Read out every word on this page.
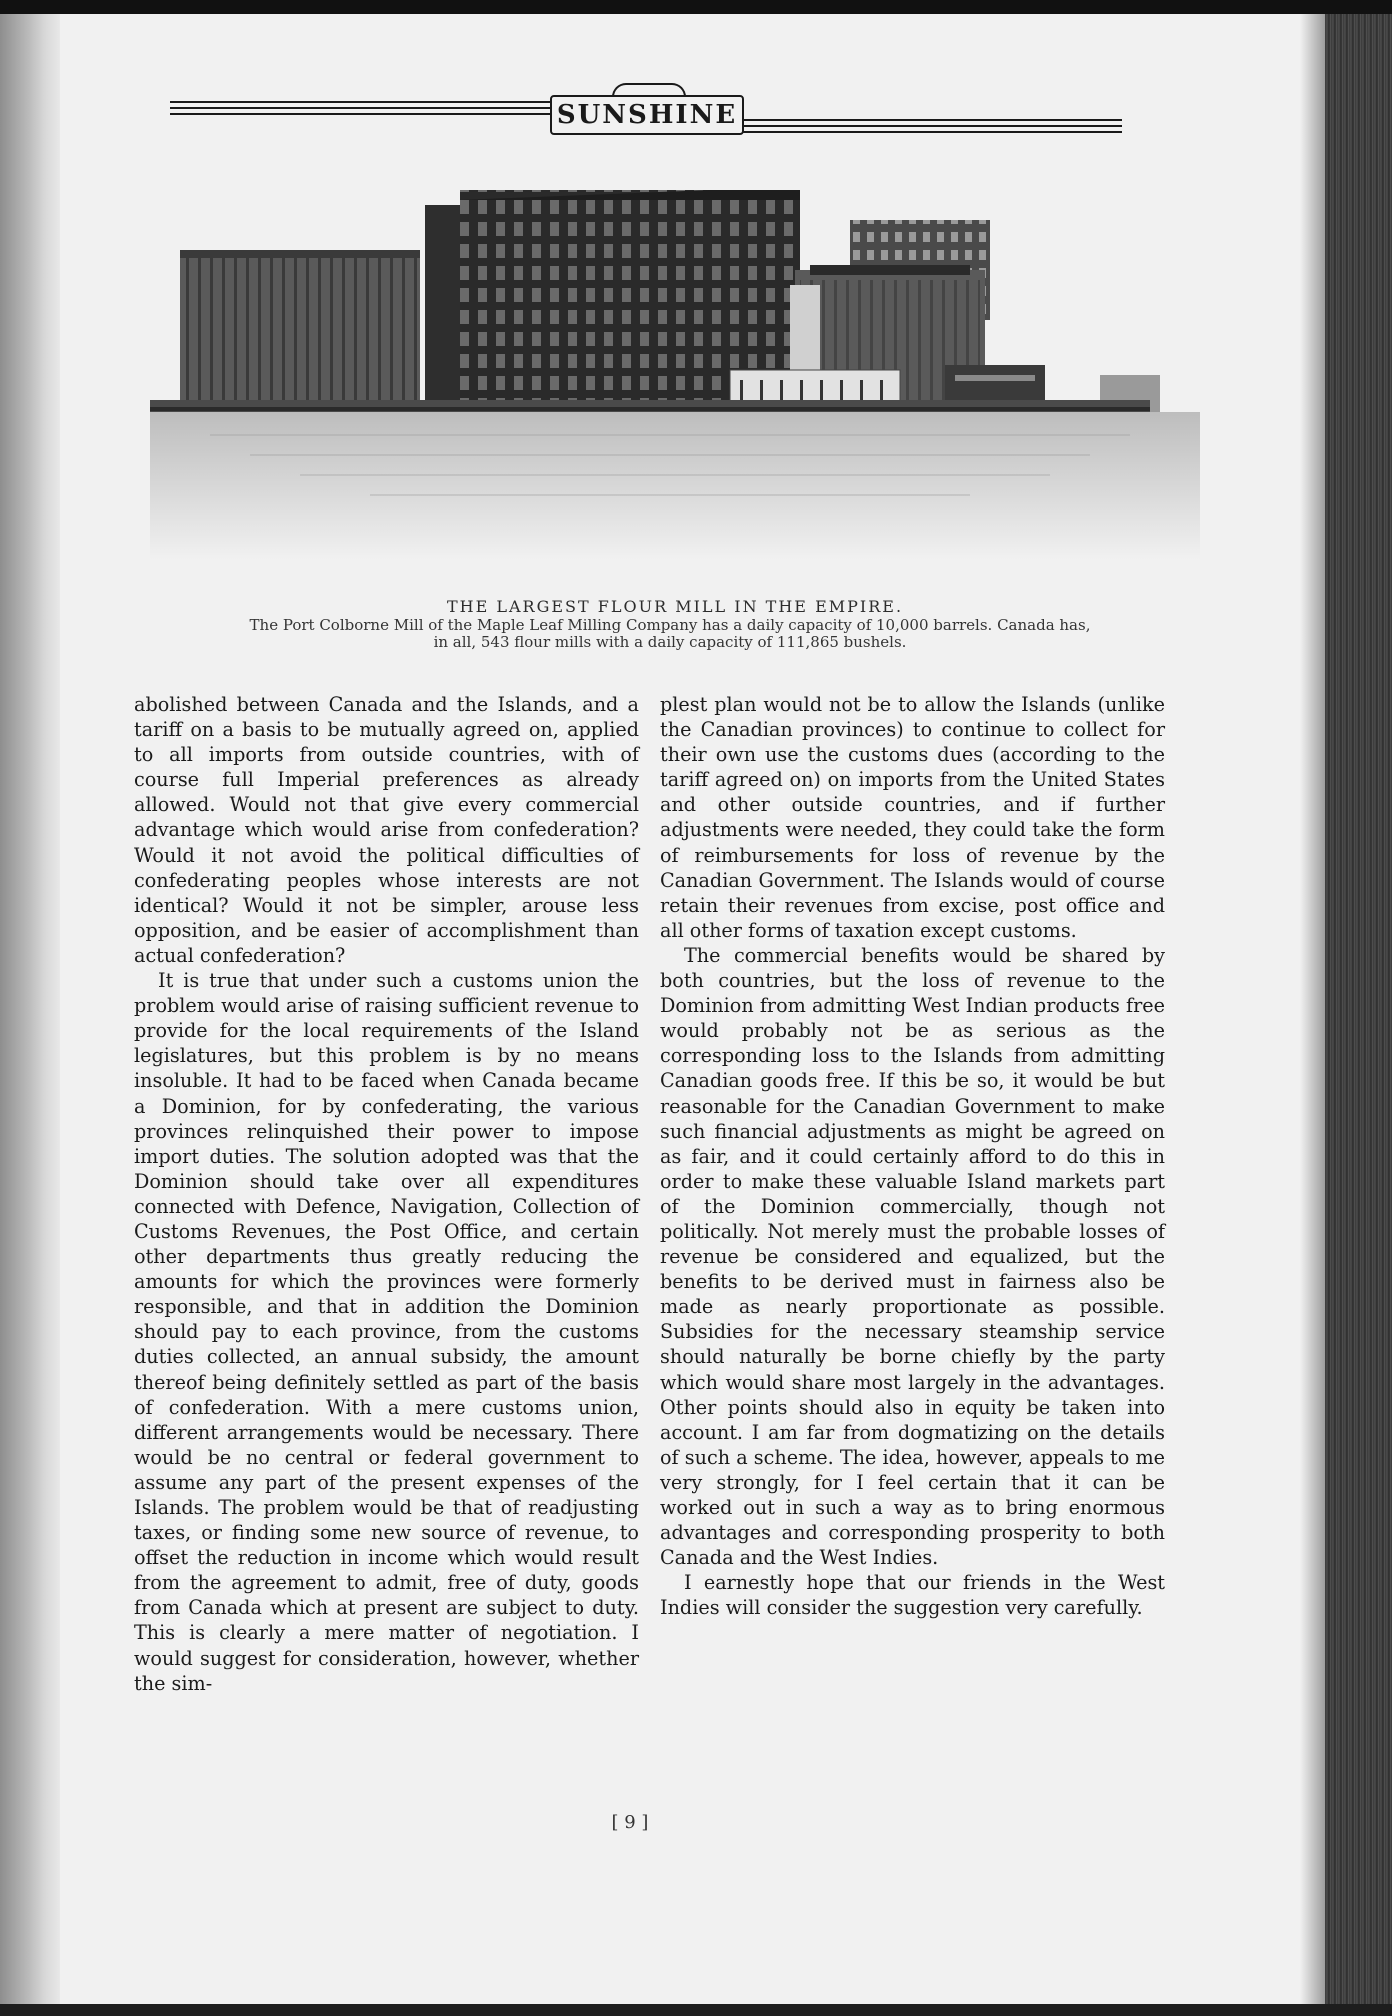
SUNSHINE
THE LARGEST FLOUR MILL IN THE EMPIRE.
The Port Colborne Mill of the Maple Leaf Milling Company has a daily capacity of 10,000 barrels. Canada has,
in all, 543 flour mills with a daily capacity of 111,865 bushels.

abolished between Canada and the Islands, and a tariff on a basis to be mutually agreed on, applied to all imports from outside countries, with of course full Imperial preferences as already allowed. Would not that give every commercial advantage which would arise from confederation? Would it not avoid the political difficulties of confederating peoples whose interests are not identical? Would it not be simpler, arouse less opposition, and be easier of accomplishment than actual confederation?

It is true that under such a customs union the problem would arise of raising sufficient revenue to provide for the local requirements of the Island legislatures, but this problem is by no means insoluble. It had to be faced when Canada became a Dominion, for by confederating, the various provinces relinquished their power to impose import duties. The solution adopted was that the Dominion should take over all expenditures connected with Defence, Navigation, Collection of Customs Revenues, the Post Office, and certain other departments thus greatly reducing the amounts for which the provinces were formerly responsible, and that in addition the Dominion should pay to each province, from the customs duties collected, an annual subsidy, the amount thereof being definitely settled as part of the basis of confederation. With a mere customs union, different arrangements would be necessary. There would be no central or federal government to assume any part of the present expenses of the Islands. The problem would be that of readjusting taxes, or finding some new source of revenue, to offset the reduction in income which would result from the agreement to admit, free of duty, goods from Canada which at present are subject to duty. This is clearly a mere matter of negotiation. I would suggest for consideration, however, whether the sim-

plest plan would not be to allow the Islands (unlike the Canadian provinces) to continue to collect for their own use the customs dues (according to the tariff agreed on) on imports from the United States and other outside countries, and if further adjustments were needed, they could take the form of reimbursements for loss of revenue by the Canadian Government. The Islands would of course retain their revenues from excise, post office and all other forms of taxation except customs.

The commercial benefits would be shared by both countries, but the loss of revenue to the Dominion from admitting West Indian products free would probably not be as serious as the corresponding loss to the Islands from admitting Canadian goods free. If this be so, it would be but reasonable for the Canadian Government to make such financial adjustments as might be agreed on as fair, and it could certainly afford to do this in order to make these valuable Island markets part of the Dominion commercially, though not politically. Not merely must the probable losses of revenue be considered and equalized, but the benefits to be derived must in fairness also be made as nearly proportionate as possible. Subsidies for the necessary steamship service should naturally be borne chiefly by the party which would share most largely in the advantages. Other points should also in equity be taken into account. I am far from dogmatizing on the details of such a scheme. The idea, however, appeals to me very strongly, for I feel certain that it can be worked out in such a way as to bring enormous advantages and corresponding prosperity to both Canada and the West Indies.

I earnestly hope that our friends in the West Indies will consider the suggestion very carefully.

[ 9 ]
